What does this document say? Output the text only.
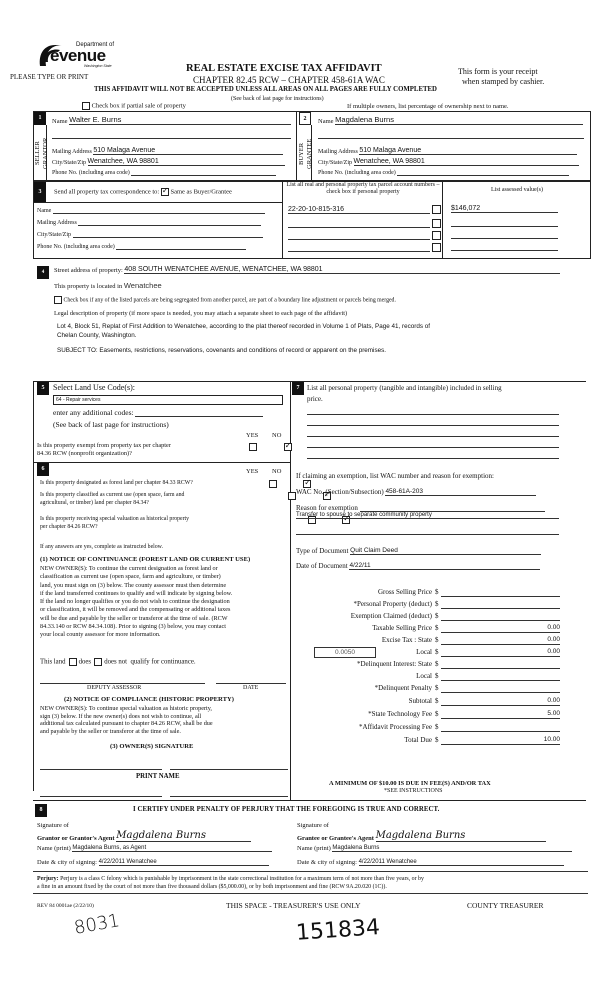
Department of
evenue
Washington State
PLEASE TYPE OR PRINT
REAL ESTATE EXCISE TAX AFFIDAVIT
CHAPTER 82.45 RCW – CHAPTER 458-61A WAC
This form is your receipt
when stamped by cashier.
THIS AFFIDAVIT WILL NOT BE ACCEPTED UNLESS ALL AREAS ON ALL PAGES ARE FULLY COMPLETED
(See back of last page for instructions)
Check box if partial sale of property	If multiple owners, list percentage of ownership next to name.
1
SELLER
GRANTOR
Name Walter E. Burns
Mailing Address 510 Malaga Avenue
City/State/Zip Wenatchee, WA 98801
Phone No. (including area code)
2
BUYER
GRANTEE
Name Magdalena Burns
Mailing Address 510 Malaga Avenue
City/State/Zip Wenatchee, WA 98801
Phone No. (including area code)
3	Send all property tax correspondence to: ✓ Same as Buyer/Grantee
Name
Mailing Address
City/State/Zip
Phone No. (including area code)
List all real and personal property tax parcel account numbers – check box if personal property	List assessed value(s)
22-20-10-815-316	$146,072

4	Street address of property: 408 SOUTH WENATCHEE AVENUE, WENATCHEE, WA 98801
This property is located in Wenatchee
Check box if any of the listed parcels are being segregated from another parcel, are part of a boundary line adjustment or parcels being merged.
Legal description of property (if more space is needed, you may attach a separate sheet to each page of the affidavit)
Lot 4, Block 51, Replat of First Addition to Wenatchee, according to the plat thereof recorded in Volume 1 of Plats, Page 41, records of
Chelan County, Washington.
SUBJECT TO: Easements, restrictions, reservations, covenants and conditions of record or apparent on the premises.
5	Select Land Use Code(s):
64 - Repair services
enter any additional codes:
(See back of last page for instructions)
YES NO
Is this property exempt from property tax per chapter
84.36 RCW (nonprofit organization)?
✓
6	YES NO
Is this property designated as forest land per chapter 84.33 RCW?
✓
Is this property classified as current use (open space, farm and
agricultural, or timber) land per chapter 84.34?
✓
Is this property receiving special valuation as historical property
per chapter 84.26 RCW?
✓
If any answers are yes, complete as instructed below.
(1) NOTICE OF CONTINUANCE (FOREST LAND OR CURRENT USE)
NEW OWNER(S): To continue the current designation as forest land or
classification as current use (open space, farm and agriculture, or timber)
land, you must sign on (3) below. The county assessor must then determine
if the land transferred continues to qualify and will indicate by signing below.
If the land no longer qualifies or you do not wish to continue the designation
or classification, it will be removed and the compensating or additional taxes
will be due and payable by the seller or transferor at the time of sale. (RCW
84.33.140 or RCW 84.34.108). Prior to signing (3) below, you may contact
your local county assessor for more information.
This land does does not qualify for continuance.
DEPUTY ASSESSOR	DATE
(2) NOTICE OF COMPLIANCE (HISTORIC PROPERTY)
NEW OWNER(S): To continue special valuation as historic property,
sign (3) below. If the new owner(s) does not wish to continue, all
additional tax calculated pursuant to chapter 84.26 RCW, shall be due
and payable by the seller or transferor at the time of sale.
(3) OWNER(S) SIGNATURE
PRINT NAME
7	List all personal property (tangible and intangible) included in selling
price.
If claiming an exemption, list WAC number and reason for exemption:
WAC No. (Section/Subsection) 458-61A-203
Reason for exemption
Transfer to spouse to separate community property
Type of Document Quit Claim Deed
Date of Document 4/22/11
Gross Selling Price $
*Personal Property (deduct) $
Exemption Claimed (deduct) $
Taxable Selling Price $	0.00
Excise Tax : State $	0.00
0.0050	Local $	0.00
*Delinquent Interest: State $
Local $
*Delinquent Penalty $
Subtotal $	0.00
*State Technology Fee $	5.00
*Affidavit Processing Fee $
Total Due $	10.00
A MINIMUM OF $10.00 IS DUE IN FEE(S) AND/OR TAX
*SEE INSTRUCTIONS
8	I CERTIFY UNDER PENALTY OF PERJURY THAT THE FOREGOING IS TRUE AND CORRECT.
Signature of
Grantor or Grantor's Agent Magdalena Burns
Name (print) Magdalena Burns, as Agent
Date & city of signing: 4/22/2011 Wenatchee
Signature of
Grantee or Grantee's Agent Magdalena Burns
Name (print) Magdalena Burns
Date & city of signing: 4/22/2011 Wenatchee
Perjury: Perjury is a class C felony which is punishable by imprisonment in the state correctional institution for a maximum term of not more than five years, or by
a fine in an amount fixed by the court of not more than five thousand dollars ($5,000.00), or by both imprisonment and fine (RCW 9A.20.020 (1C)).
REV 84 0001ae (2/22/10)	THIS SPACE - TREASURER'S USE ONLY	COUNTY TREASURER
8031	151834
